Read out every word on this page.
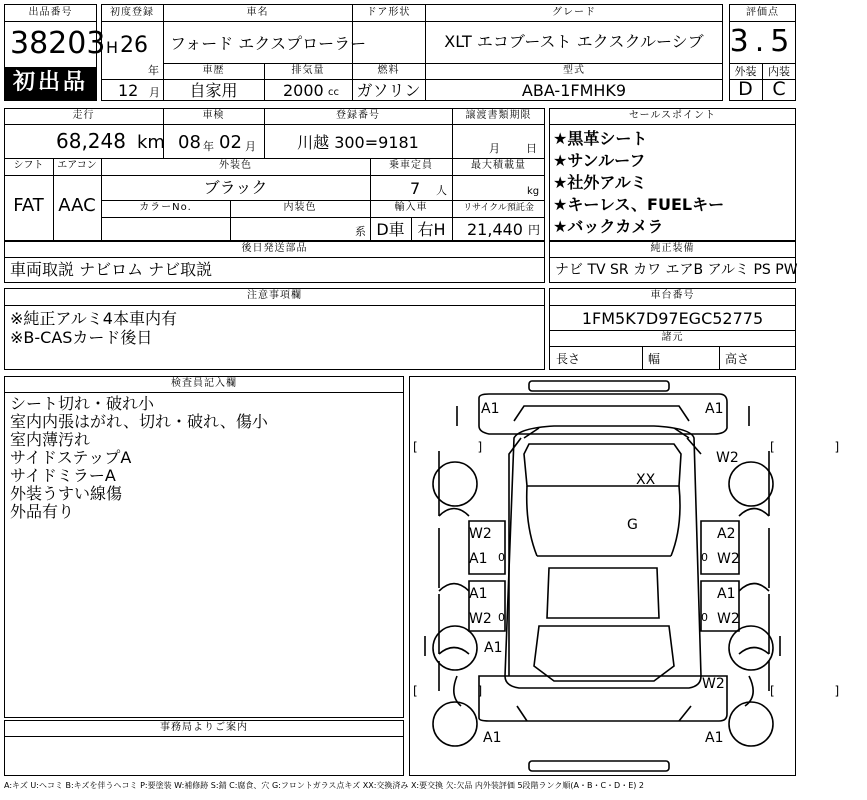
出品番号
38203
初出品
初度登録
H 26
年
12 月
車名
フォード エクスプローラー
ドア形状	グレード
XLT エコブースト エクスクルーシブ
車歴
自家用
排気量
2000 cc
燃料
ガソリン
型式
ABA-1FMHK9
評価点
3.5
外装	内装
D	C
走行
68,248 km
車検
08 年 02 月
登録番号
川越 300=9181
譲渡書類期限
月 日
シフト	エアコン
FAT AAC
外装色
ブラック
乗車定員
7 人
最大積載量
kg
カラーNo.	内装色
系
輸入車
D車 右H
リサイクル預託金
21,440 円
セールスポイント
★黒革シート
★サンルーフ
★社外アルミ
★キーレス、FUELキー
★バックカメラ
後日発送部品
車両取説 ナビロム ナビ取説
純正装備
ナビ TV SR カワ エアB アルミ PS PW
注意事項欄
※純正アルミ4本車内有
※B-CASカード後日
車台番号
1FM5K7D97EGC52775
諸元
長さ	幅	高さ
検査員記入欄
シート切れ・破れ小
室内内張はがれ、切れ・破れ、傷小
室内薄汚れ
サイドステップA
サイドミラーA
外装うすい線傷
外品有り
事務局よりご案内
A1	A1
W2
XX
G
W2	A2
A1 0	0 W2
A1	A1
W2 0	0 W2
A1
W2
A1	A1
[ ]	[ ]
[ ]	[ ]
A:キズ U:ヘコミ B:キズを伴うヘコミ P:要塗装 W:補修跡 S:錆 C:腐食、穴 G:フロントガラス点キズ XX:交換済み X:要交換 欠:欠品 内外装評価 5段階ランク順(A・B・C・D・E) 2
